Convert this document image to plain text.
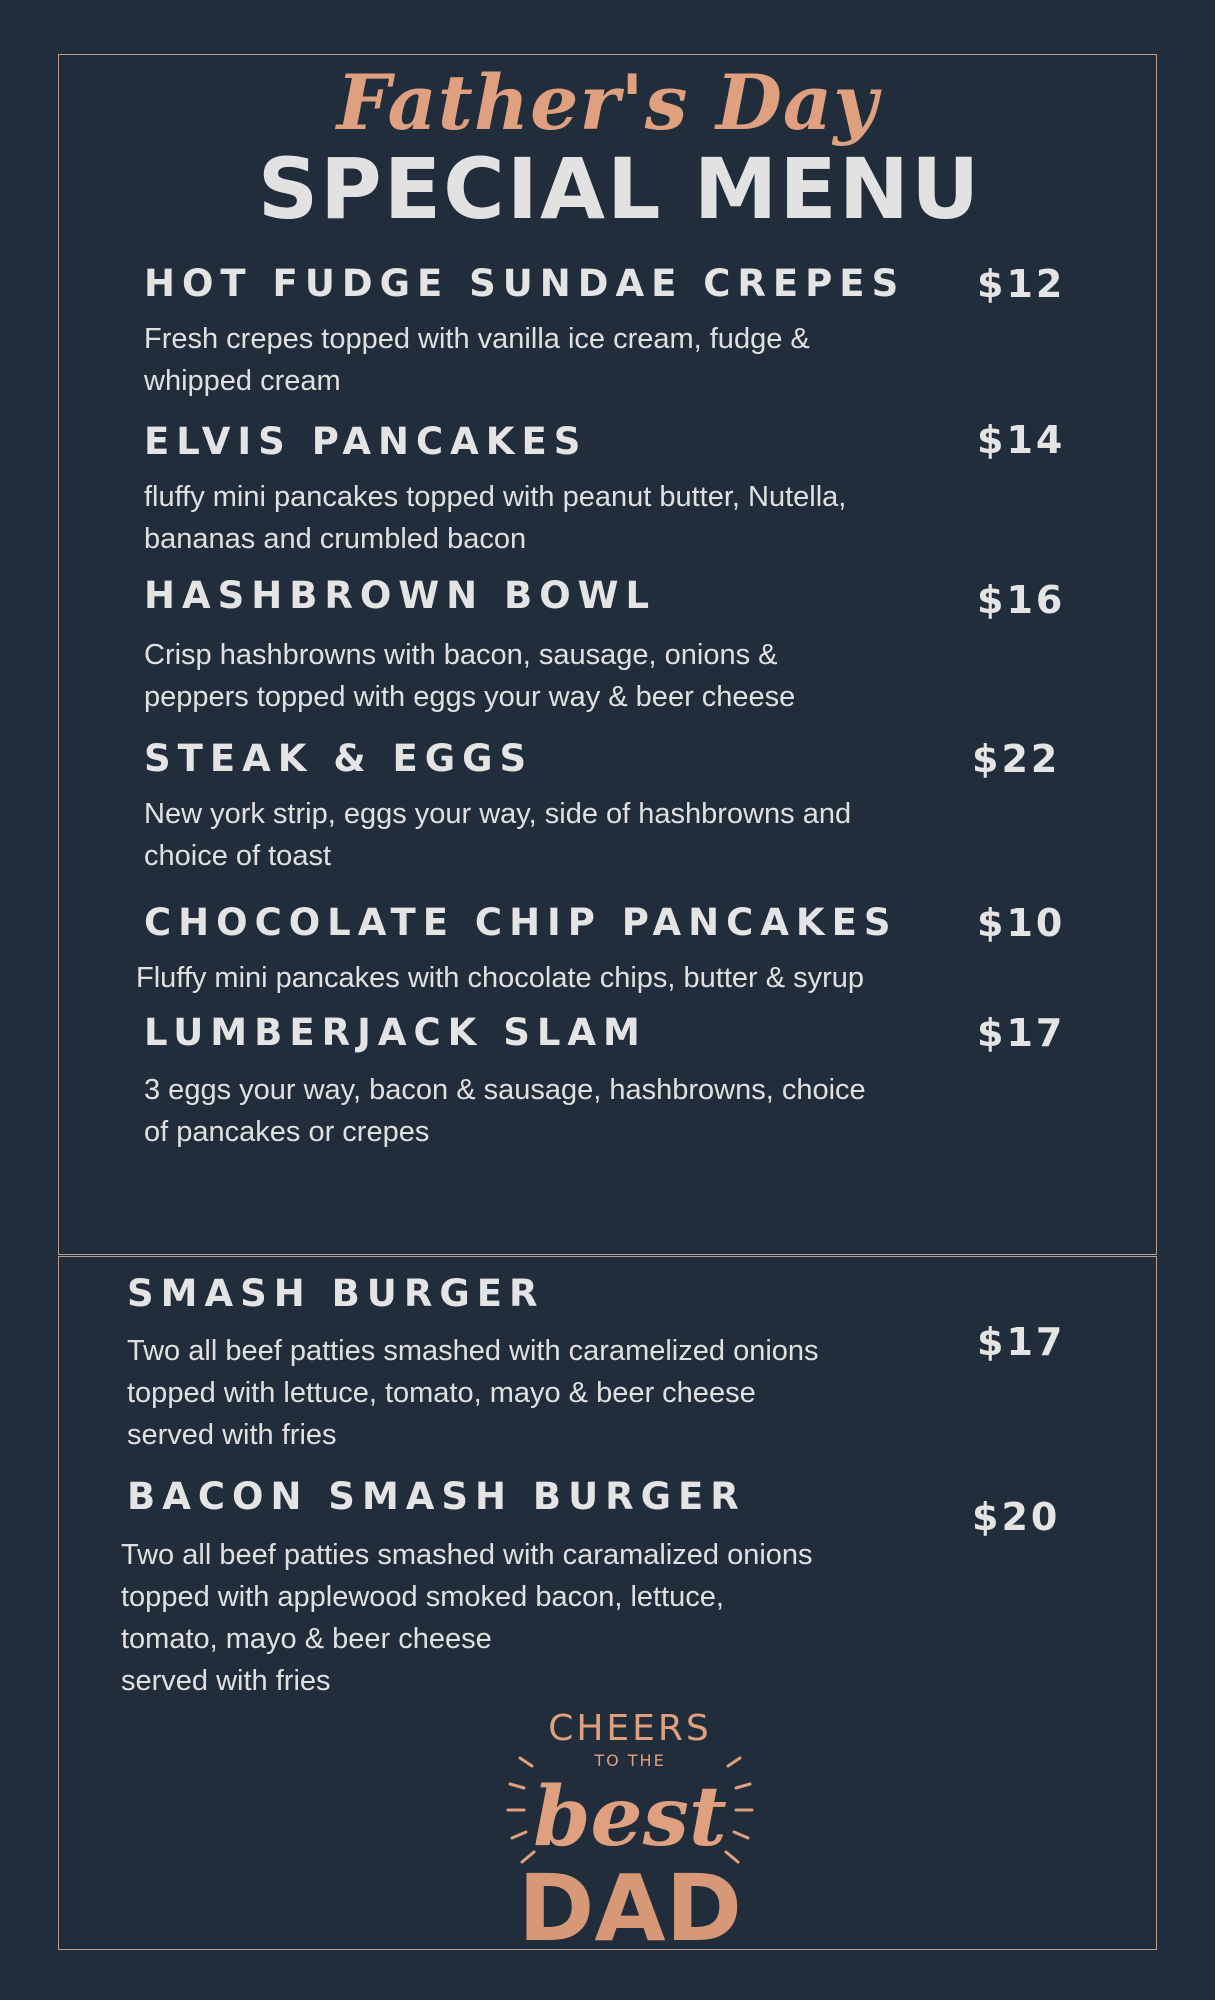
Father's Day
SPECIAL MENU
HOT FUDGE SUNDAE CREPES
Fresh crepes topped with vanilla ice cream, fudge &
whipped cream
$12
ELVIS PANCAKES
fluffy mini pancakes topped with peanut butter, Nutella,
bananas and crumbled bacon
$14
HASHBROWN BOWL
Crisp hashbrowns with bacon, sausage, onions &
peppers topped with eggs your way & beer cheese
$16
STEAK & EGGS
New york strip, eggs your way, side of hashbrowns and
choice of toast
$22
CHOCOLATE CHIP PANCAKES
Fluffy mini pancakes with chocolate chips, butter & syrup
$10
LUMBERJACK SLAM
3 eggs your way, bacon & sausage, hashbrowns, choice
of pancakes or crepes
$17
SMASH BURGER
Two all beef patties smashed with caramelized onions
topped with lettuce, tomato, mayo & beer cheese
served with fries
$17
BACON SMASH BURGER
Two all beef patties smashed with caramalized onions
topped with applewood smoked bacon, lettuce,
tomato, mayo & beer cheese
served with fries
$20
CHEERS
TO THE
best
DAD
